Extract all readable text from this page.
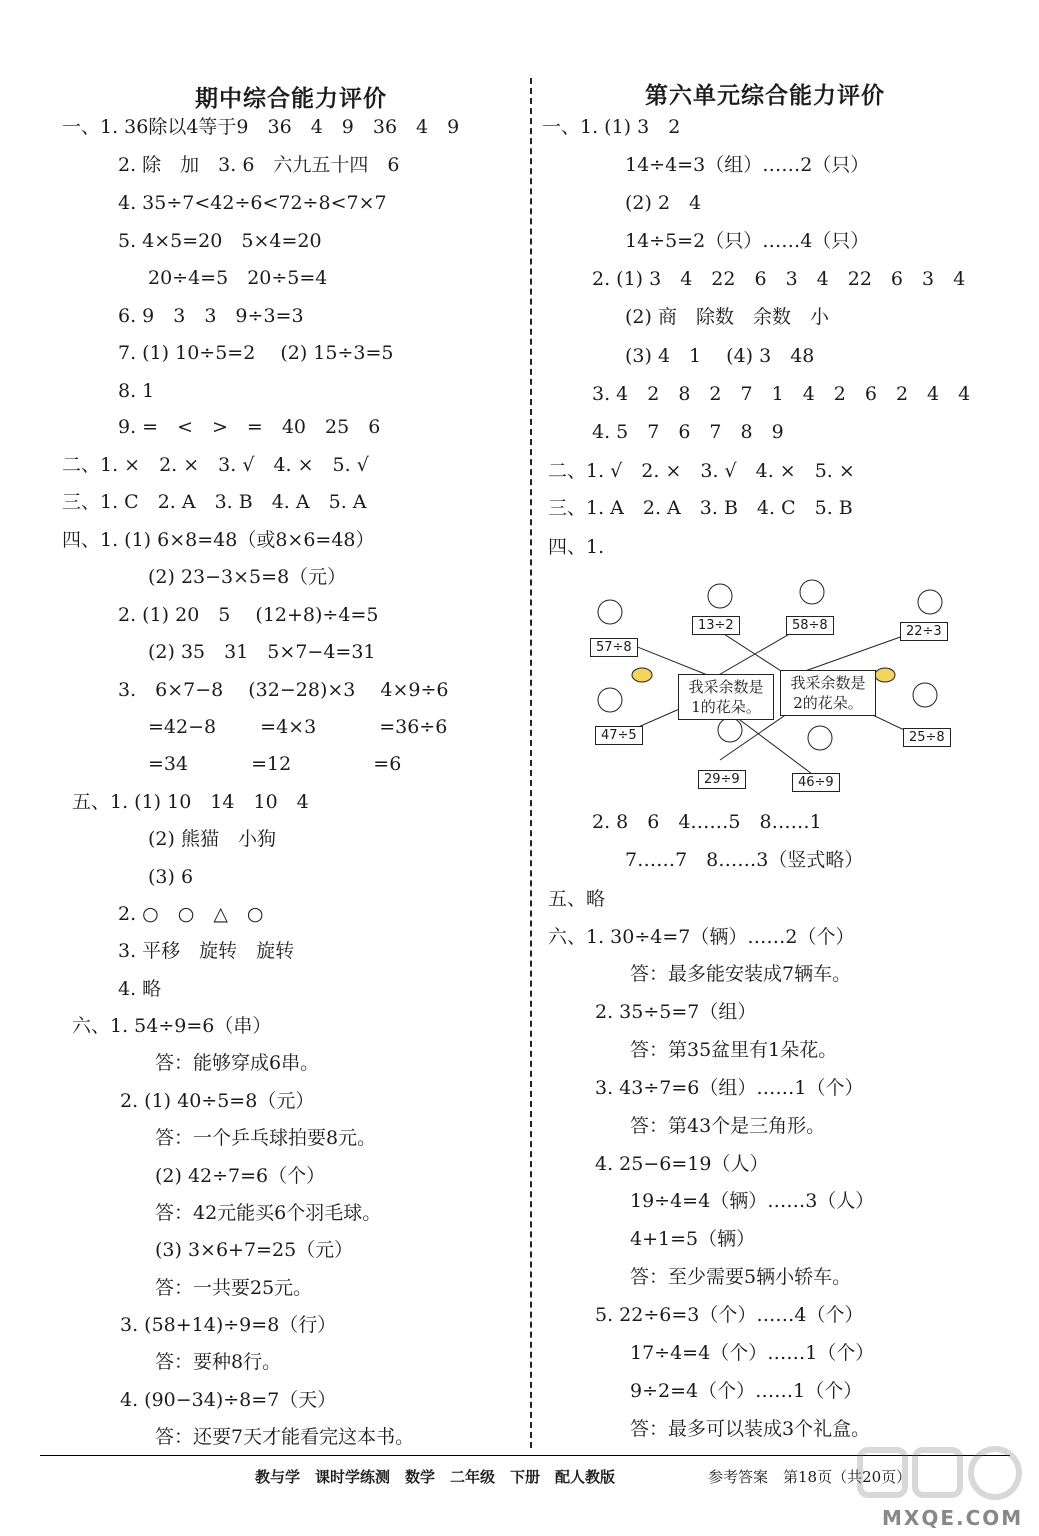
期中综合能力评价	第六单元综合能力评价
一、1. 36除以4等于9　36　4　9　36　4　9
2. 除　加　3. 6　六九五十四　6
4. 35÷7<42÷6<72÷8<7×7
5. 4×5=20　5×4=20
20÷4=5　20÷5=4
6. 9　3　3　9÷3=3
7. (1) 10÷5=2　 (2) 15÷3=5
8. 1
9. =　<　>　=　40　25　6
二、1. ×　2. ×　3. √　4. ×　5. √
三、1. C　2. A　3. B　4. A　5. A
四、1. (1) 6×8=48（或8×6=48）
(2) 23−3×5=8（元）
2. (1) 20　5　 (12+8)÷4=5
(2) 35　31　5×7−4=31
3.　6×7−8　 (32−28)×3　 4×9÷6
=42−8　　 =4×3　　　 =36÷6
=34　　　 =12　　　　 =6
五、1. (1) 10　14　10　4
(2) 熊猫　小狗
(3) 6
2. ○　○　△　○
3. 平移　旋转　旋转
4. 略
六、1. 54÷9=6（串）
答：能够穿成6串。
2. (1) 40÷5=8（元）
答：一个乒乓球拍要8元。
(2) 42÷7=6（个）
答：42元能买6个羽毛球。
(3) 3×6+7=25（元）
答：一共要25元。
3. (58+14)÷9=8（行）
答：要种8行。
4. (90−34)÷8=7（天）
答：还要7天才能看完这本书。
一、1. (1) 3　2
14÷4=3（组）……2（只）
(2) 2　4
14÷5=2（只）……4（只）
2. (1) 3　4　22　6　3　4　22　6　3　4
(2) 商　除数　余数　小
(3) 4　1　 (4) 3　48
3. 4　2　8　2　7　1　4　2　6　2　4　4
4. 5　7　6　7　8　9
二、1. √　2. ×　3. √　4. ×　5. ×
三、1. A　2. A　3. B　4. C　5. B
四、1.
57÷8
13÷2	58÷8	22÷3
47÷5
29÷9	46÷9
25÷8
我采余数是1的花朵。
我采余数是2的花朵。
2. 8　6　4……5　8……1
7……7　8……3（竖式略）
五、略
六、1. 30÷4=7（辆）……2（个）
答：最多能安装成7辆车。
2. 35÷5=7（组）
答：第35盆里有1朵花。
3. 43÷7=6（组）……1（个）
答：第43个是三角形。
4. 25−6=19（人）
19÷4=4（辆）……3（人）
4+1=5（辆）
答：至少需要5辆小轿车。
5. 22÷6=3（个）……4（个）
17÷4=4（个）……1（个）
9÷2=4（个）……1（个）
答：最多可以装成3个礼盒。
教与学　课时学练测　数学　二年级　下册　配人教版	参考答案　第18页（共20页）
MXQE.COM
